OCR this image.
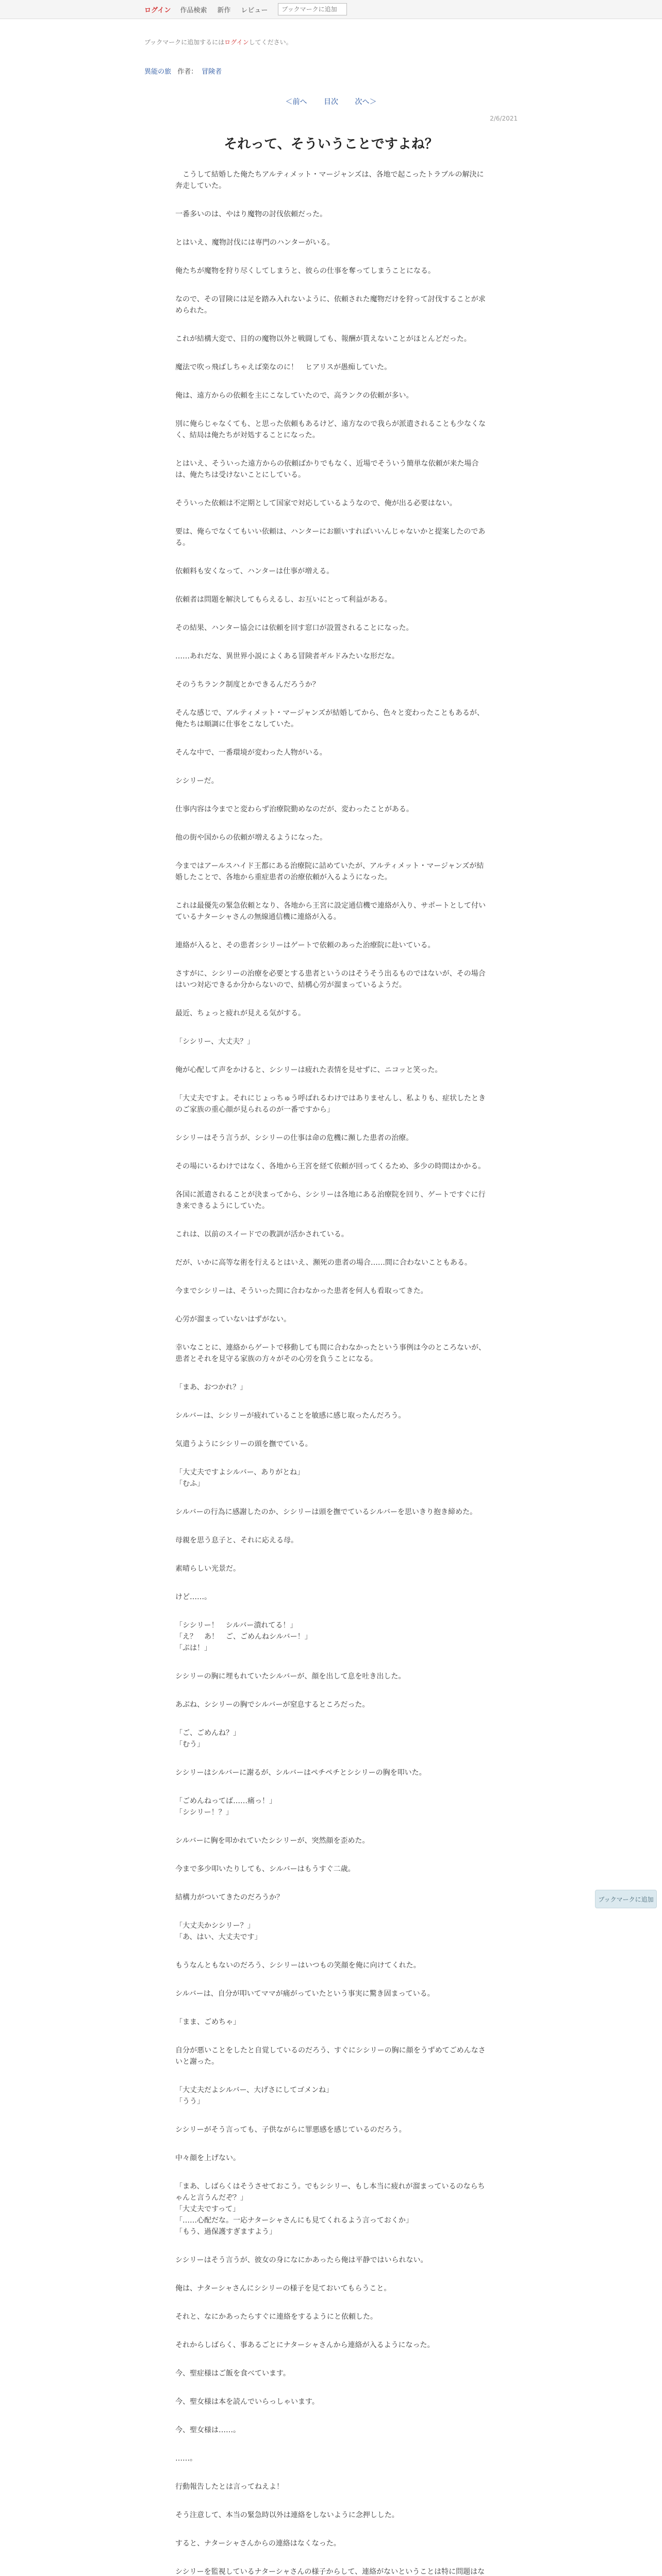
ログイン 作品検索 新作 レビュー
ブックマークに追加
ブックマークに追加するにはログインしてください。
異能の旅 作者： 冒険者
＜前へ 目次 次へ＞
2/6/2021
それって、そういうことですよね？

　こうして結婚した俺たちアルティメット・マージャンズは、各地で起こったトラブルの解決に奔走していた。

一番多いのは、やはり魔物の討伐依頼だった。

とはいえ、魔物討伐には専門のハンターがいる。

俺たちが魔物を狩り尽くしてしまうと、彼らの仕事を奪ってしまうことになる。

なので、その冒険には足を踏み入れないように、依頼された魔物だけを狩って討伐することが求められた。

これが結構大変で、目的の魔物以外と戦闘しても、報酬が貰えないことがほとんどだった。

魔法で吹っ飛ばしちゃえば楽なのに！　ヒアリスが愚痴していた。

俺は、遠方からの依頼を主にこなしていたので、高ランクの依頼が多い。

別に俺らじゃなくても、と思った依頼もあるけど、遠方なので我らが派遣されることも少なくなく、結局は俺たちが対処することになった。

とはいえ、そういった遠方からの依頼ばかりでもなく、近場でそういう簡単な依頼が来た場合は、俺たちは受けないことにしている。

そういった依頼は不定期として国家で対応しているようなので、俺が出る必要はない。

要は、俺らでなくてもいい依頼は、ハンターにお願いすればいいんじゃないかと提案したのである。

依頼料も安くなって、ハンターは仕事が増える。

依頼者は問題を解決してもらえるし、お互いにとって利益がある。

その結果、ハンター協会には依頼を回す窓口が設置されることになった。

……あれだな、異世界小説によくある冒険者ギルドみたいな形だな。

そのうちランク制度とかできるんだろうか？

そんな感じで、アルティメット・マージャンズが結婚してから、色々と変わったこともあるが、俺たちは順調に仕事をこなしていた。

そんな中で、一番環境が変わった人物がいる。

シシリーだ。

仕事内容は今までと変わらず治療院勤めなのだが、変わったことがある。

他の街や国からの依頼が増えるようになった。

今まではアールスハイド王都にある治療院に詰めていたが、アルティメット・マージャンズが結婚したことで、各地から重症患者の治療依頼が入るようになった。

これは最優先の緊急依頼となり、各地から王宮に設定通信機で連絡が入り、サポートとして付いているナターシャさんの無線通信機に連絡が入る。

連絡が入ると、その患者シシリーはゲートで依頼のあった治療院に赴いている。

さすがに、シシリーの治療を必要とする患者というのはそうそう出るものではないが、その場合はいつ対応できるか分からないので、結構心労が溜まっているようだ。

最近、ちょっと疲れが見える気がする。

「シシリー、大丈夫？」

俺が心配して声をかけると、シシリーは疲れた表情を見せずに、ニコッと笑った。

「大丈夫ですよ。それにじょっちゅう呼ばれるわけではありませんし、私よりも、症状したときのご家族の重心顔が見られるのが一番ですから」

シシリーはそう言うが、シシリーの仕事は命の危機に瀕した患者の治療。

その場にいるわけではなく、各地から王宮を経て依頼が回ってくるため、多少の時間はかかる。

各国に派遣されることが決まってから、シシリーは各地にある治療院を回り、ゲートですぐに行き来できるようにしていた。

これは、以前のスイードでの教訓が活かされている。

だが、いかに高等な術を行えるとはいえ、瀕死の患者の場合……間に合わないこともある。

今までシシリーは、そういった間に合わなかった患者を何人も看取ってきた。

心労が溜まっていないはずがない。

幸いなことに、連絡からゲートで移動しても間に合わなかったという事例は今のところないが、患者とそれを見守る家族の方々がその心労を負うことになる。

「まあ、おつかれ？」

シルバーは、シシリーが疲れていることを敏感に感じ取ったんだろう。

気遣うようにシシリーの頭を撫でている。

「大丈夫ですよシルバー、ありがとね」
「むふ」

シルバーの行為に感謝したのか、シシリーは頭を撫でているシルバーを思いきり抱き締めた。

母親を思う息子と、それに応える母。

素晴らしい光景だ。

けど……。

「シシリー！　シルバー潰れてる！」
「え？　あ！　ご、ごめんねシルバー！」
「ぷは！」

シシリーの胸に埋もれていたシルバーが、顔を出して息を吐き出した。

あぶね、シシリーの胸でシルバーが窒息するところだった。

「ご、ごめんね？」
「むう」

シシリーはシルバーに謝るが、シルバーはペチペチとシシリーの胸を叩いた。

「ごめんねってば……痛っ！」
「シシリー！？」

シルバーに胸を叩かれていたシシリーが、突然顔を歪めた。

今まで多少叩いたりしても、シルバーはもうすぐ二歳。

結構力がついてきたのだろうか？

「大丈夫かシシリー？」
「あ、はい、大丈夫です」

もうなんともないのだろう、シシリーはいつもの笑顔を俺に向けてくれた。

シルバーは、自分が叩いてママが痛がっていたという事実に驚き固まっている。

「まま、ごめちゃ」

自分が悪いことをしたと自覚しているのだろう、すぐにシシリーの胸に顔をうずめてごめんなさいと謝った。

「大丈夫だよシルバー、大げさにしてゴメンね」
「うう」

シシリーがそう言っても、子供ながらに罪悪感を感じているのだろう。

中々顔を上げない。

「まあ、しばらくはそうさせておこう。でもシシリー、もし本当に疲れが溜まっているのならちゃんと言うんだぞ？」
「大丈夫ですって」
「……心配だな。一応ナターシャさんにも見てくれるよう言っておくか」
「もう、過保護すぎますよう」

シシリーはそう言うが、彼女の身になにかあったら俺は平静ではいられない。

俺は、ナターシャさんにシシリーの様子を見ておいてもらうこと。

それと、なにかあったらすぐに連絡をするようにと依頼した。

それからしばらく、事あるごとにナターシャさんから連絡が入るようになった。

今、聖症様はご飯を食べています。

今、聖女様は本を読んでいらっしゃいます。

今、聖女様は……。

……。

行動報告したとは言ってねえよ！

そう注意して、本当の緊急時以外は連絡をしないように念押しした。

すると、ナターシャさんからの連絡はなくなった。

シシリーを監視しているナターシャさんの様子からして、連絡がないということは特に問題はな

ブックマークに追加
